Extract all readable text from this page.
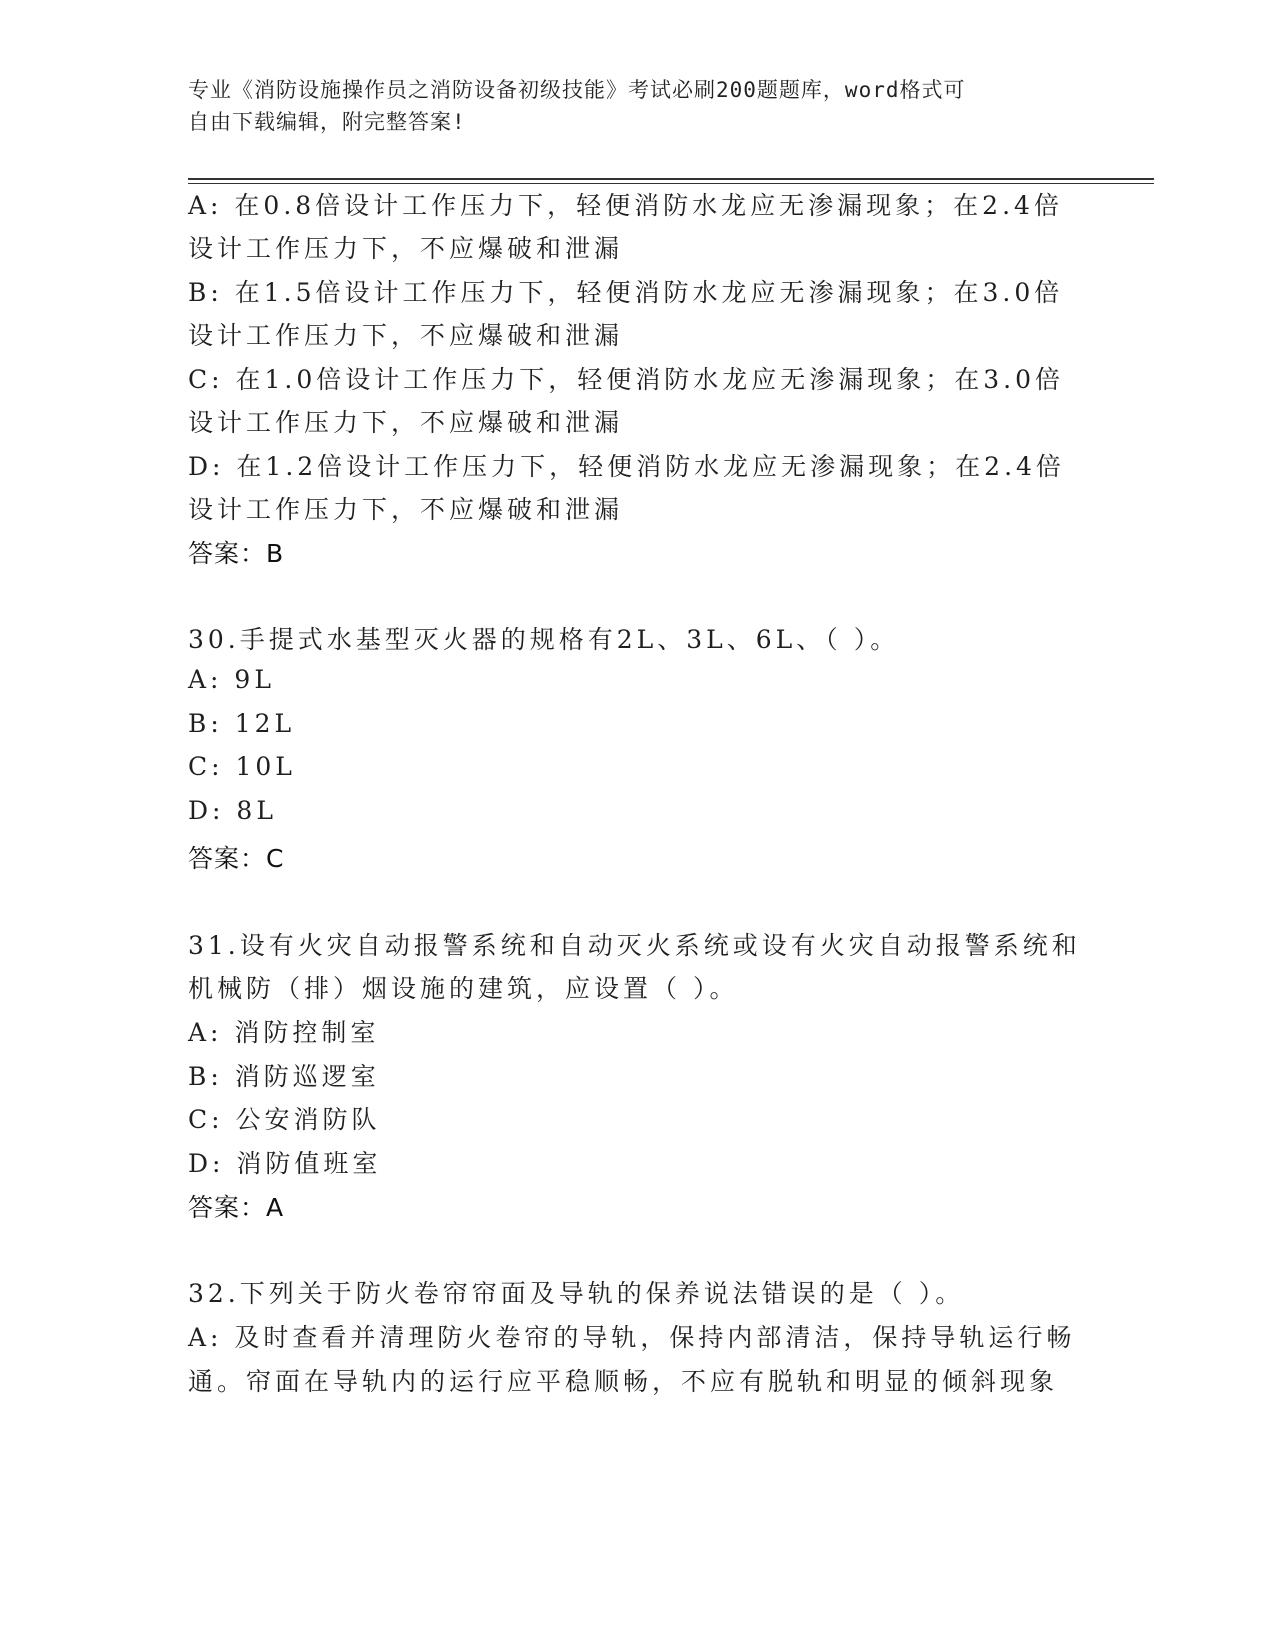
专业《消防设施操作员之消防设备初级技能》考试必刷200题题库，word格式可
自由下载编辑，附完整答案!
A: 在0.8倍设计工作压力下，轻便消防水龙应无渗漏现象；在2.4倍
设计工作压力下，不应爆破和泄漏
B: 在1.5倍设计工作压力下，轻便消防水龙应无渗漏现象；在3.0倍
设计工作压力下，不应爆破和泄漏
C: 在1.0倍设计工作压力下，轻便消防水龙应无渗漏现象；在3.0倍
设计工作压力下，不应爆破和泄漏
D: 在1.2倍设计工作压力下，轻便消防水龙应无渗漏现象；在2.4倍
设计工作压力下，不应爆破和泄漏
答案：B
30.手提式水基型灭火器的规格有2L、3L、6L、（ ）。
A: 9L
B: 12L
C: 10L
D: 8L
答案：C
31.设有火灾自动报警系统和自动灭火系统或设有火灾自动报警系统和
机械防（排）烟设施的建筑，应设置（ ）。
A: 消防控制室
B: 消防巡逻室
C: 公安消防队
D: 消防值班室
答案：A
32.下列关于防火卷帘帘面及导轨的保养说法错误的是（ ）。
A: 及时查看并清理防火卷帘的导轨，保持内部清洁，保持导轨运行畅
通。帘面在导轨内的运行应平稳顺畅，不应有脱轨和明显的倾斜现象
